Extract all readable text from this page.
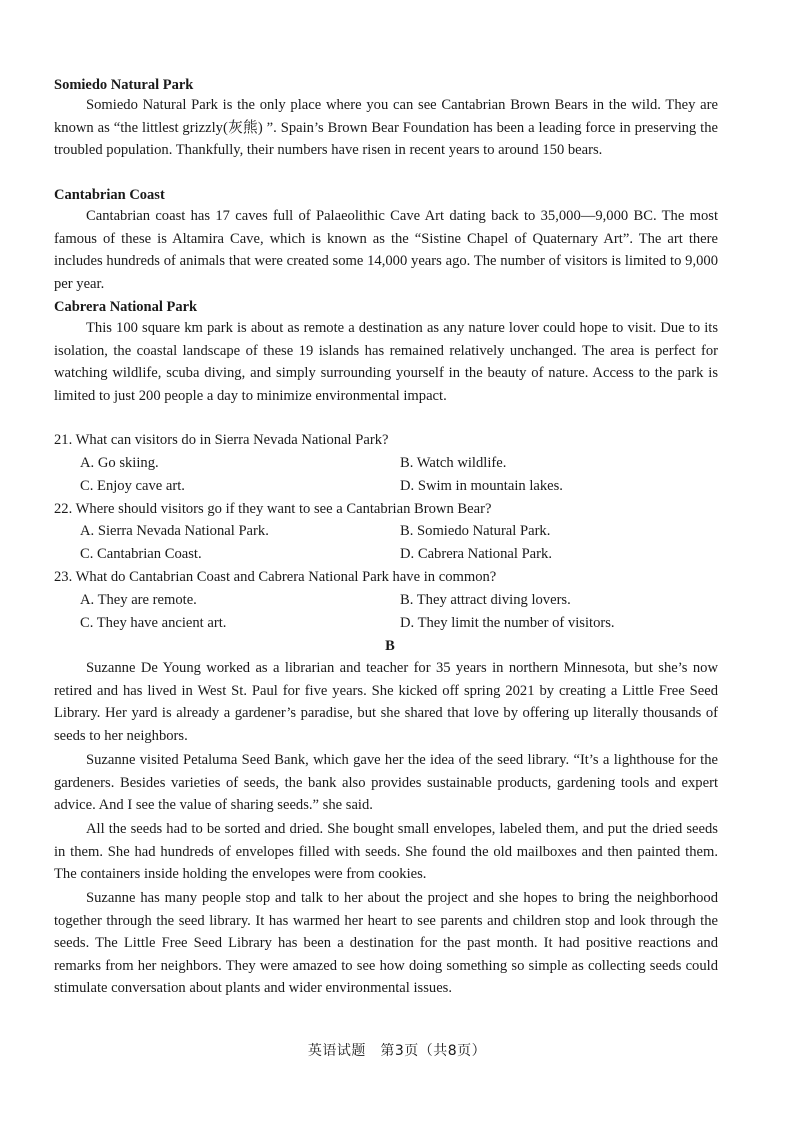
Somiedo Natural Park

Somiedo Natural Park is the only place where you can see Cantabrian Brown Bears in the wild. They are known as “the littlest grizzly(灰熊) ”. Spain’s Brown Bear Foundation has been a leading force in preserving the troubled population. Thankfully, their numbers have risen in recent years to around 150 bears.

Cantabrian Coast

Cantabrian coast has 17 caves full of Palaeolithic Cave Art dating back to 35,000—9,000 BC. The most famous of these is Altamira Cave, which is known as the “Sistine Chapel of Quaternary Art”. The art there includes hundreds of animals that were created some 14,000 years ago. The number of visitors is limited to 9,000 per year.

Cabrera National Park

This 100 square km park is about as remote a destination as any nature lover could hope to visit. Due to its isolation, the coastal landscape of these 19 islands has remained relatively unchanged. The area is perfect for watching wildlife, scuba diving, and simply surrounding yourself in the beauty of nature. Access to the park is limited to just 200 people a day to minimize environmental impact.

21. What can visitors do in Sierra Nevada National Park?
A. Go skiing.	B. Watch wildlife.
C. Enjoy cave art.	D. Swim in mountain lakes.
22. Where should visitors go if they want to see a Cantabrian Brown Bear?
A. Sierra Nevada National Park.	B. Somiedo Natural Park.
C. Cantabrian Coast.	D. Cabrera National Park.
23. What do Cantabrian Coast and Cabrera National Park have in common?
A. They are remote.	B. They attract diving lovers.
C. They have ancient art.	D. They limit the number of visitors.
B

Suzanne De Young worked as a librarian and teacher for 35 years in northern Minnesota, but she’s now retired and has lived in West St. Paul for five years. She kicked off spring 2021 by creating a Little Free Seed Library. Her yard is already a gardener’s paradise, but she shared that love by offering up literally thousands of seeds to her neighbors.

Suzanne visited Petaluma Seed Bank, which gave her the idea of the seed library. “It’s a lighthouse for the gardeners. Besides varieties of seeds, the bank also provides sustainable products, gardening tools and expert advice. And I see the value of sharing seeds.” she said.

All the seeds had to be sorted and dried. She bought small envelopes, labeled them, and put the dried seeds in them. She had hundreds of envelopes filled with seeds. She found the old mailboxes and then painted them. The containers inside holding the envelopes were from cookies.

Suzanne has many people stop and talk to her about the project and she hopes to bring the neighborhood together through the seed library. It has warmed her heart to see parents and children stop and look through the seeds. The Little Free Seed Library has been a destination for the past month. It had positive reactions and remarks from her neighbors. They were amazed to see how doing something so simple as collecting seeds could stimulate conversation about plants and wider environmental issues.

英语试题　第3页（共8页）
